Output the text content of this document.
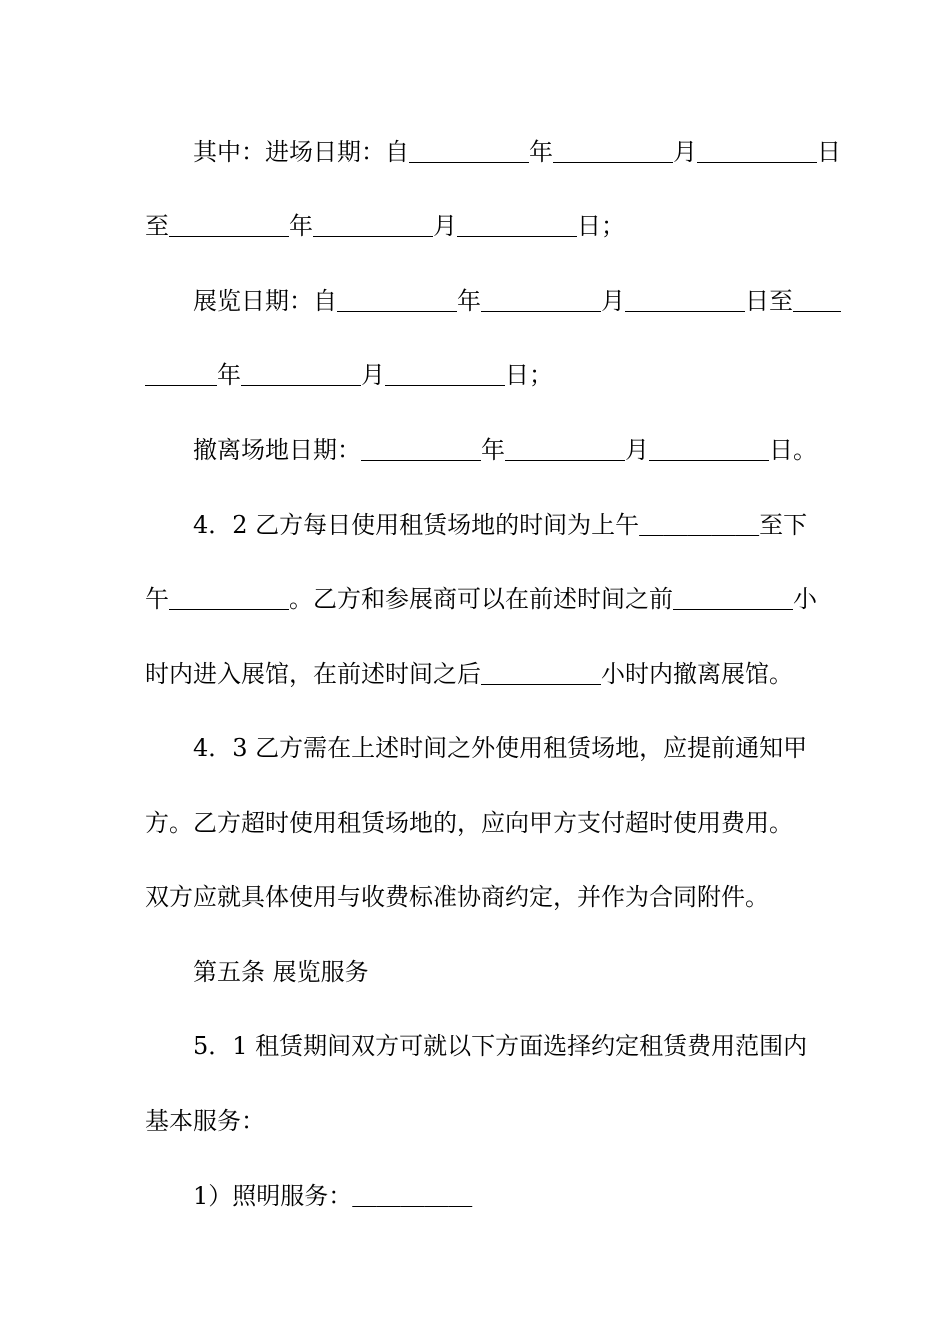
其中：进场日期：自＿＿＿＿＿年＿＿＿＿＿月＿＿＿＿＿日
至＿＿＿＿＿年＿＿＿＿＿月＿＿＿＿＿日；
展览日期：自＿＿＿＿＿年＿＿＿＿＿月＿＿＿＿＿日至＿＿
＿＿＿年＿＿＿＿＿月＿＿＿＿＿日；
撤离场地日期：＿＿＿＿＿年＿＿＿＿＿月＿＿＿＿＿日。
4．2 乙方每日使用租赁场地的时间为上午＿＿＿＿＿至下
午＿＿＿＿＿。乙方和参展商可以在前述时间之前＿＿＿＿＿小
时内进入展馆，在前述时间之后＿＿＿＿＿小时内撤离展馆。
4．3 乙方需在上述时间之外使用租赁场地，应提前通知甲
方。乙方超时使用租赁场地的，应向甲方支付超时使用费用。
双方应就具体使用与收费标准协商约定，并作为合同附件。
第五条 展览服务
5．1 租赁期间双方可就以下方面选择约定租赁费用范围内
基本服务：
1）照明服务：＿＿＿＿＿
